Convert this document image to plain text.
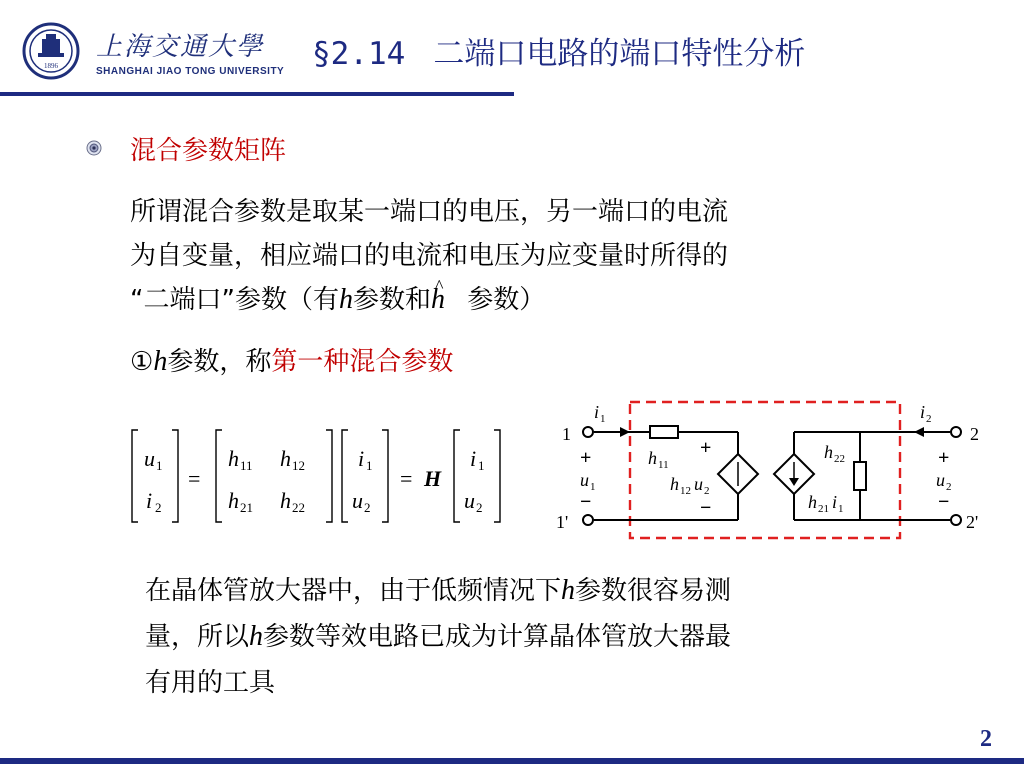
1896
上海交通大學
SHANGHAI JIAO TONG UNIVERSITY §2.14 二端口电路的端口特性分析
混合参数矩阵
所谓混合参数是取某一端口的电压，另一端口的电流
为自变量，相应端口的电流和电压为应变量时所得的
“二端口”参数（有h参数和^ h 参数）
①h参数，称第一种混合参数
u 1
i 2
=
h 11 h 12
h 21 h 22
i 1
u 2
= H
i 1
u 2
1
1'
2
2'
i 1	i 2
+
u 1
−
+
u 2
−
h 11
+
h 12 u 2
−
h 22
h 21 i 1
在晶体管放大器中，由于低频情况下h参数很容易测
量，所以h参数等效电路已成为计算晶体管放大器最
有用的工具
2
